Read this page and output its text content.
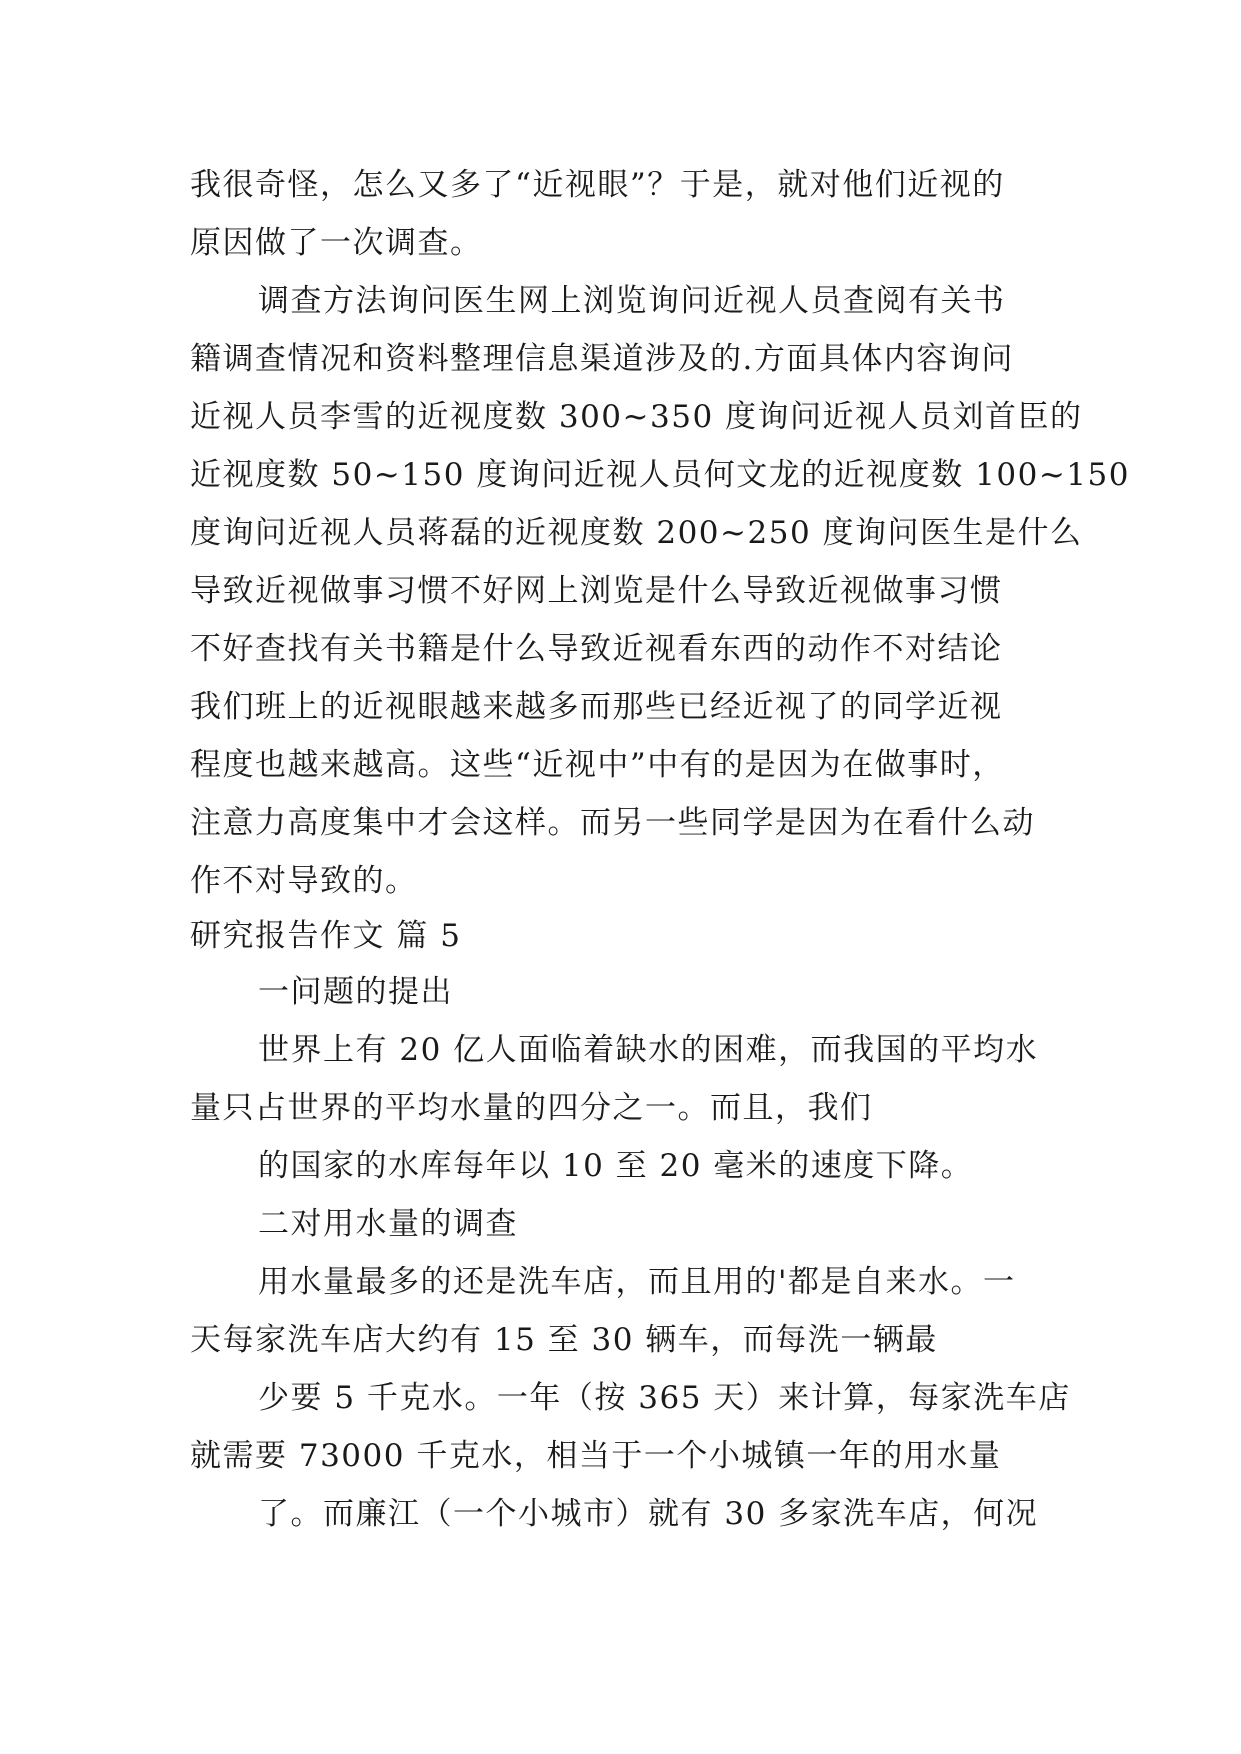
我很奇怪，怎么又多了“近视眼”？于是，就对他们近视的
原因做了一次调查。
调查方法询问医生网上浏览询问近视人员查阅有关书
籍调查情况和资料整理信息渠道涉及的.方面具体内容询问
近视人员李雪的近视度数 300~350 度询问近视人员刘首臣的
近视度数 50~150 度询问近视人员何文龙的近视度数 100~150
度询问近视人员蒋磊的近视度数 200~250 度询问医生是什么
导致近视做事习惯不好网上浏览是什么导致近视做事习惯
不好查找有关书籍是什么导致近视看东西的动作不对结论
我们班上的近视眼越来越多而那些已经近视了的同学近视
程度也越来越高。这些“近视中”中有的是因为在做事时，
注意力高度集中才会这样。而另一些同学是因为在看什么动
作不对导致的。
研究报告作文 篇 5
一问题的提出
世界上有 20 亿人面临着缺水的困难，而我国的平均水
量只占世界的平均水量的四分之一。而且，我们
的国家的水库每年以 10 至 20 毫米的速度下降。
二对用水量的调查
用水量最多的还是洗车店，而且用的'都是自来水。一
天每家洗车店大约有 15 至 30 辆车，而每洗一辆最
少要 5 千克水。一年（按 365 天）来计算，每家洗车店
就需要 73000 千克水，相当于一个小城镇一年的用水量
了。而廉江（一个小城市）就有 30 多家洗车店，何况
